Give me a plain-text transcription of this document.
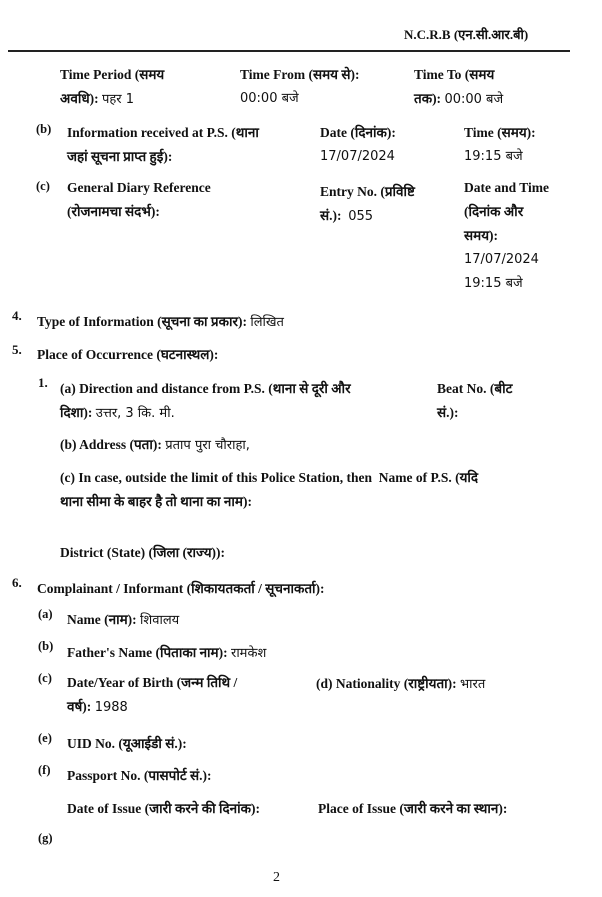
N.C.R.B (एन.सी.आर.बी)
Time Period (समय
अवधि): पहर 1
Time From (समय से):
00:00 बजे
Time To (समय
तक): 00:00 बजे
(b) Information received at P.S. (थाना
जहां सूचना प्राप्त हुई):
Date (दिनांक):
17/07/2024
Time (समय):
19:15 बजे
(c) General Diary Reference
(रोजनामचा संदर्भ):
Entry No. (प्रविष्टि
सं.): 055
Date and Time
(दिनांक और
समय):
17/07/2024
19:15 बजे
4. Type of Information (सूचना का प्रकार): लिखित
5. Place of Occurrence (घटनास्थल):
1. (a) Direction and distance from P.S. (थाना से दूरी और
दिशा): उत्तर, 3 कि. मी.
Beat No. (बीट
सं.):
(b) Address (पता): प्रताप पुरा चौराहा,
(c) In case, outside the limit of this Police Station, then Name of P.S. (यदि
थाना सीमा के बाहर है तो थाना का नाम):
District (State) (जिला (राज्य)):
6. Complainant / Informant (शिकायतकर्ता / सूचनाकर्ता):
(a) Name (नाम): शिवालय
(b) Father's Name (पिताका नाम): रामकेश
(c) Date/Year of Birth (जन्म तिथि /
वर्ष): 1988
(d) Nationality (राष्ट्रीयता): भारत
(e) UID No. (यूआईडी सं.):
(f) Passport No. (पासपोर्ट सं.):
Date of Issue (जारी करने की दिनांक):	Place of Issue (जारी करने का स्थान):
(g)
2
